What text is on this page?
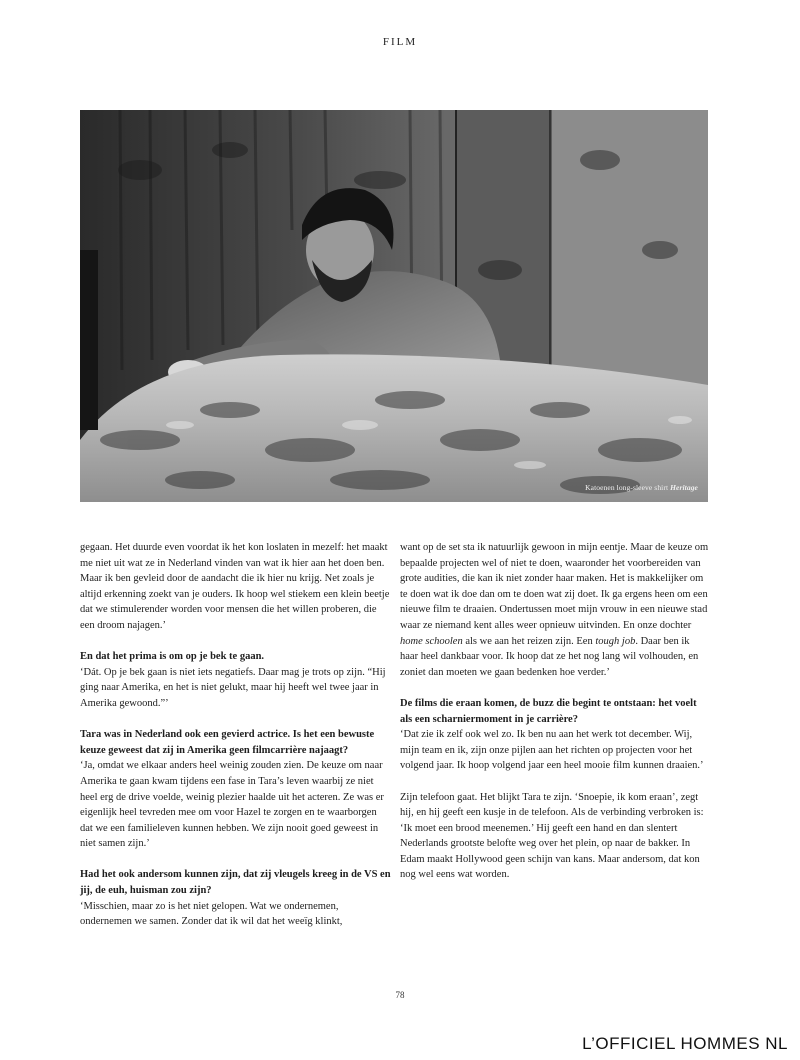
FILM
Katoenen long-sleeve shirt Heritage

gegaan. Het duurde even voordat ik het kon loslaten in mezelf: het maakt me niet uit wat ze in Nederland vinden van wat ik hier aan het doen ben. Maar ik ben gevleid door de aandacht die ik hier nu krijg. Net zoals je altijd erkenning zoekt van je ouders. Ik hoop wel stiekem een klein beetje dat we stimulerender worden voor mensen die het willen proberen, die een droom najagen.’

En dat het prima is om op je bek te gaan.

‘Dát. Op je bek gaan is niet iets negatiefs. Daar mag je trots op zijn. “Hij ging naar Amerika, en het is niet gelukt, maar hij heeft wel twee jaar in Amerika gewoond.”’

Tara was in Nederland ook een gevierd actrice. Is het een bewuste keuze geweest dat zij in Amerika geen filmcarrière najaagt?

‘Ja, omdat we elkaar anders heel weinig zouden zien. De keuze om naar Amerika te gaan kwam tijdens een fase in Tara’s leven waarbij ze niet heel erg de drive voelde, weinig plezier haalde uit het acteren. Ze was er eigenlijk heel tevreden mee om voor Hazel te zorgen en te waarborgen dat we een familieleven kunnen hebben. We zijn nooit goed geweest in niet samen zijn.’

Had het ook andersom kunnen zijn, dat zij vleugels kreeg in de VS en jij, de euh, huisman zou zijn?

‘Misschien, maar zo is het niet gelopen. Wat we ondernemen, ondernemen we samen. Zonder dat ik wil dat het weeïg klinkt,

want op de set sta ik natuurlijk gewoon in mijn eentje. Maar de keuze om bepaalde projecten wel of niet te doen, waaronder het voorbereiden van grote audities, die kan ik niet zonder haar maken. Het is makkelijker om te doen wat ik doe dan om te doen wat zij doet. Ik ga ergens heen om een nieuwe film te draaien. Ondertussen moet mijn vrouw in een nieuwe stad waar ze niemand kent alles weer opnieuw uitvinden. En onze dochter home schoolen als we aan het reizen zijn. Een tough job. Daar ben ik haar heel dankbaar voor. Ik hoop dat ze het nog lang wil volhouden, en zoniet dan moeten we gaan bedenken hoe verder.’

De films die eraan komen, de buzz die begint te ontstaan: het voelt als een scharniermoment in je carrière?

‘Dat zie ik zelf ook wel zo. Ik ben nu aan het werk tot december. Wij, mijn team en ik, zijn onze pijlen aan het richten op projecten voor het volgend jaar. Ik hoop volgend jaar een heel mooie film kunnen draaien.’

Zijn telefoon gaat. Het blijkt Tara te zijn. ‘Snoepie, ik kom eraan’, zegt hij, en hij geeft een kusje in de telefoon. Als de verbinding verbroken is: ‘Ik moet een brood meenemen.’ Hij geeft een hand en dan slentert Nederlands grootste belofte weg over het plein, op naar de bakker. In Edam maakt Hollywood geen schijn van kans. Maar andersom, dat kon nog wel eens wat worden.

78
L’OFFICIEL HOMMES NL
